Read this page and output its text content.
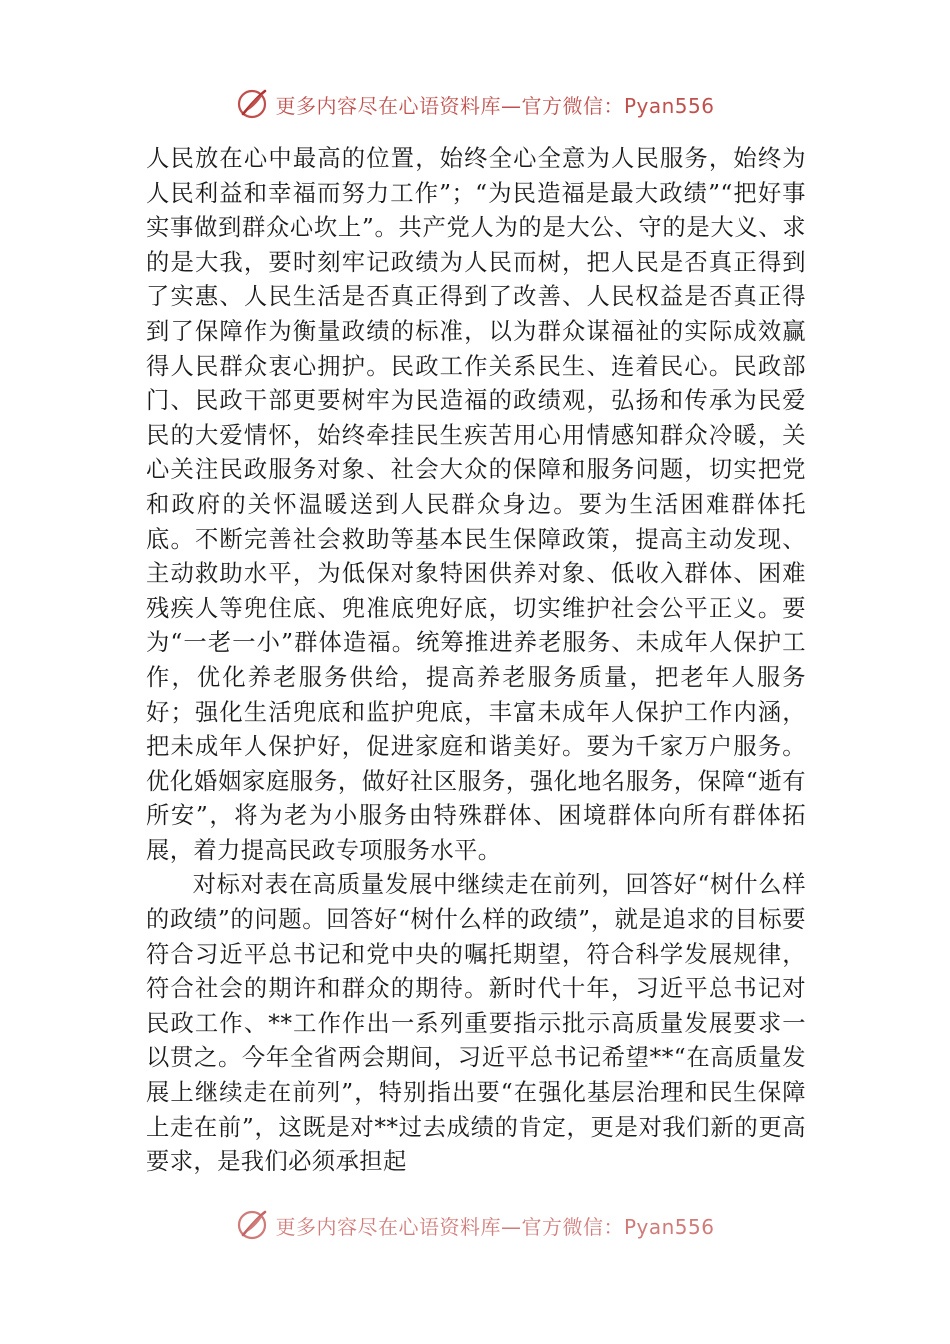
更多内容尽在心语资料库—官方微信：Pyan556

人民放在心中最高的位置，始终全心全意为人民服务，始终为人民利益和幸福而努力工作”；“为民造福是最大政绩”“把好事实事做到群众心坎上”。共产党人为的是大公、守的是大义、求的是大我，要时刻牢记政绩为人民而树，把人民是否真正得到了实惠、人民生活是否真正得到了改善、人民权益是否真正得到了保障作为衡量政绩的标准，以为群众谋福祉的实际成效赢得人民群众衷心拥护。民政工作关系民生、连着民心。民政部门、民政干部更要树牢为民造福的政绩观，弘扬和传承为民爱民的大爱情怀，始终牵挂民生疾苦用心用情感知群众冷暖，关心关注民政服务对象、社会大众的保障和服务问题，切实把党和政府的关怀温暖送到人民群众身边。要为生活困难群体托底。不断完善社会救助等基本民生保障政策，提高主动发现、主动救助水平，为低保对象特困供养对象、低收入群体、困难残疾人等兜住底、兜准底兜好底，切实维护社会公平正义。要为“一老一小”群体造福。统筹推进养老服务、未成年人保护工作，优化养老服务供给，提高养老服务质量，把老年人服务好；强化生活兜底和监护兜底，丰富未成年人保护工作内涵，把未成年人保护好，促进家庭和谐美好。要为千家万户服务。优化婚姻家庭服务，做好社区服务，强化地名服务，保障“逝有所安”，将为老为小服务由特殊群体、困境群体向所有群体拓展，着力提高民政专项服务水平。

对标对表在高质量发展中继续走在前列，回答好“树什么样的政绩”的问题。回答好“树什么样的政绩”，就是追求的目标要符合习近平总书记和党中央的嘱托期望，符合科学发展规律，符合社会的期许和群众的期待。新时代十年，习近平总书记对民政工作、**工作作出一系列重要指示批示高质量发展要求一以贯之。今年全省两会期间，习近平总书记希望**“在高质量发展上继续走在前列”，特别指出要“在强化基层治理和民生保障上走在前”，这既是对**过去成绩的肯定，更是对我们新的更高要求，是我们必须承担起

更多内容尽在心语资料库—官方微信：Pyan556
